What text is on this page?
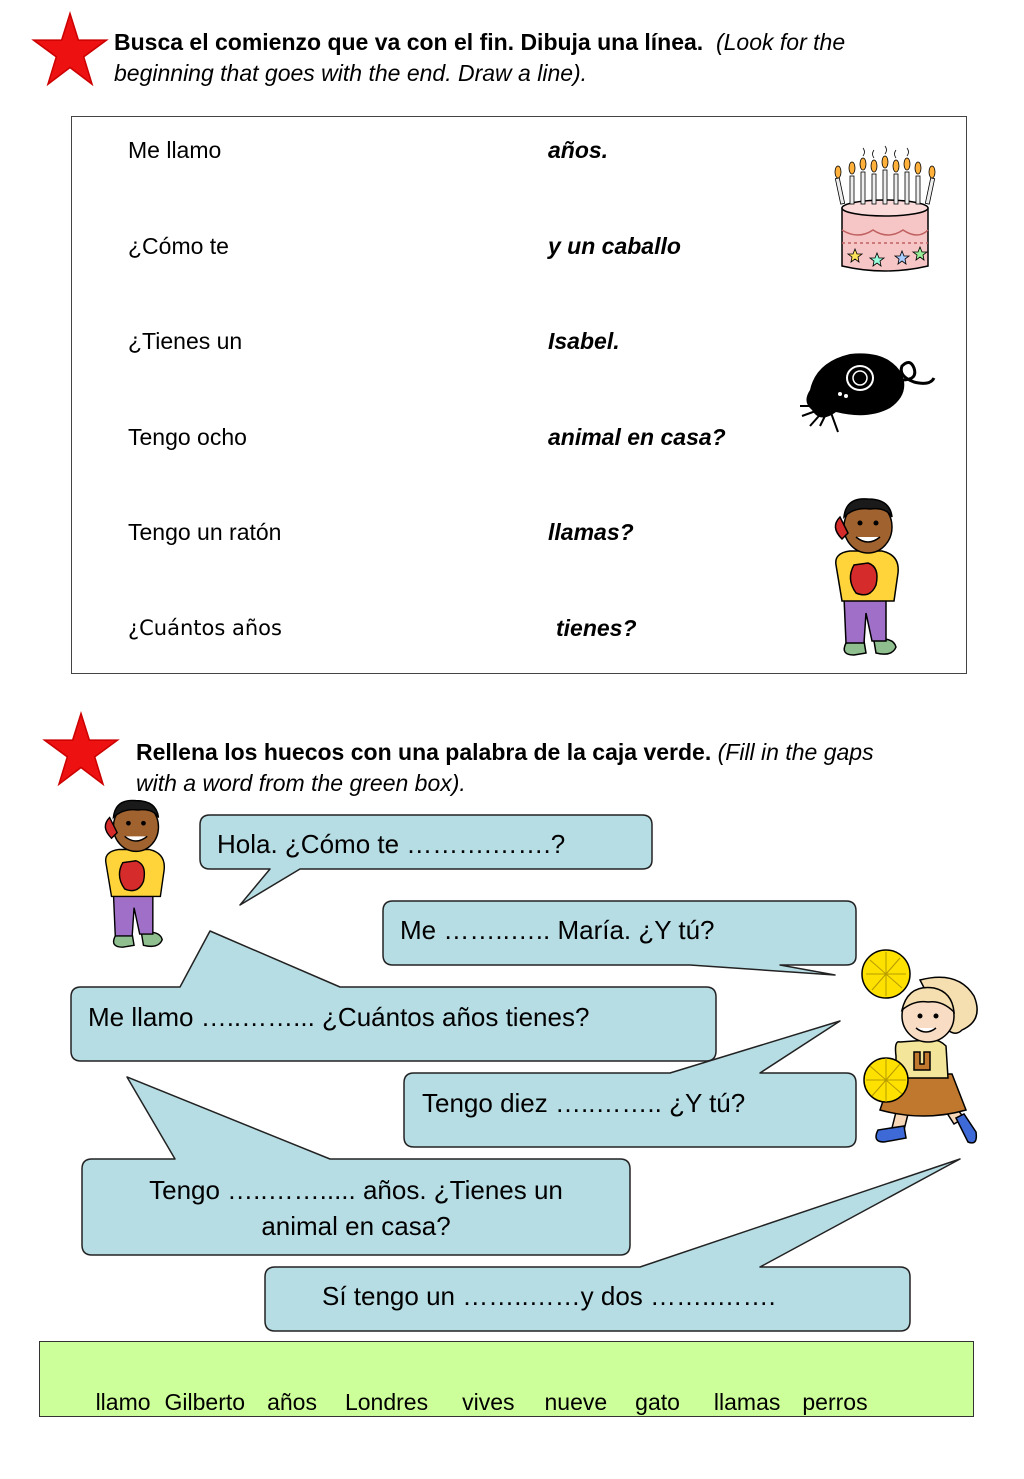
Busca el comienzo que va con el fin. Dibuja una línea. (Look for the
beginning that goes with the end. Draw a line).
Me llamo
¿Cómo te
¿Tienes un
Tengo ocho
Tengo un ratón
¿Cuántos años
años.
y un caballo
Isabel.
animal en casa?
llamas?
tienes?
Rellena los huecos con una palabra de la caja verde. (Fill in the gaps
with a word from the green box).
Hola. ¿Cómo te ……….…….?
Me ……..….. María. ¿Y tú?
Me llamo …..……... ¿Cuántos años tienes?
Tengo diez …..…….. ¿Y tú?
Tengo …..……..... años. ¿Tienes un
animal en casa?
Sí tengo un ……..……y dos ……..…….

llamo Gilberto años Londres vives nueve gato llamas perros
